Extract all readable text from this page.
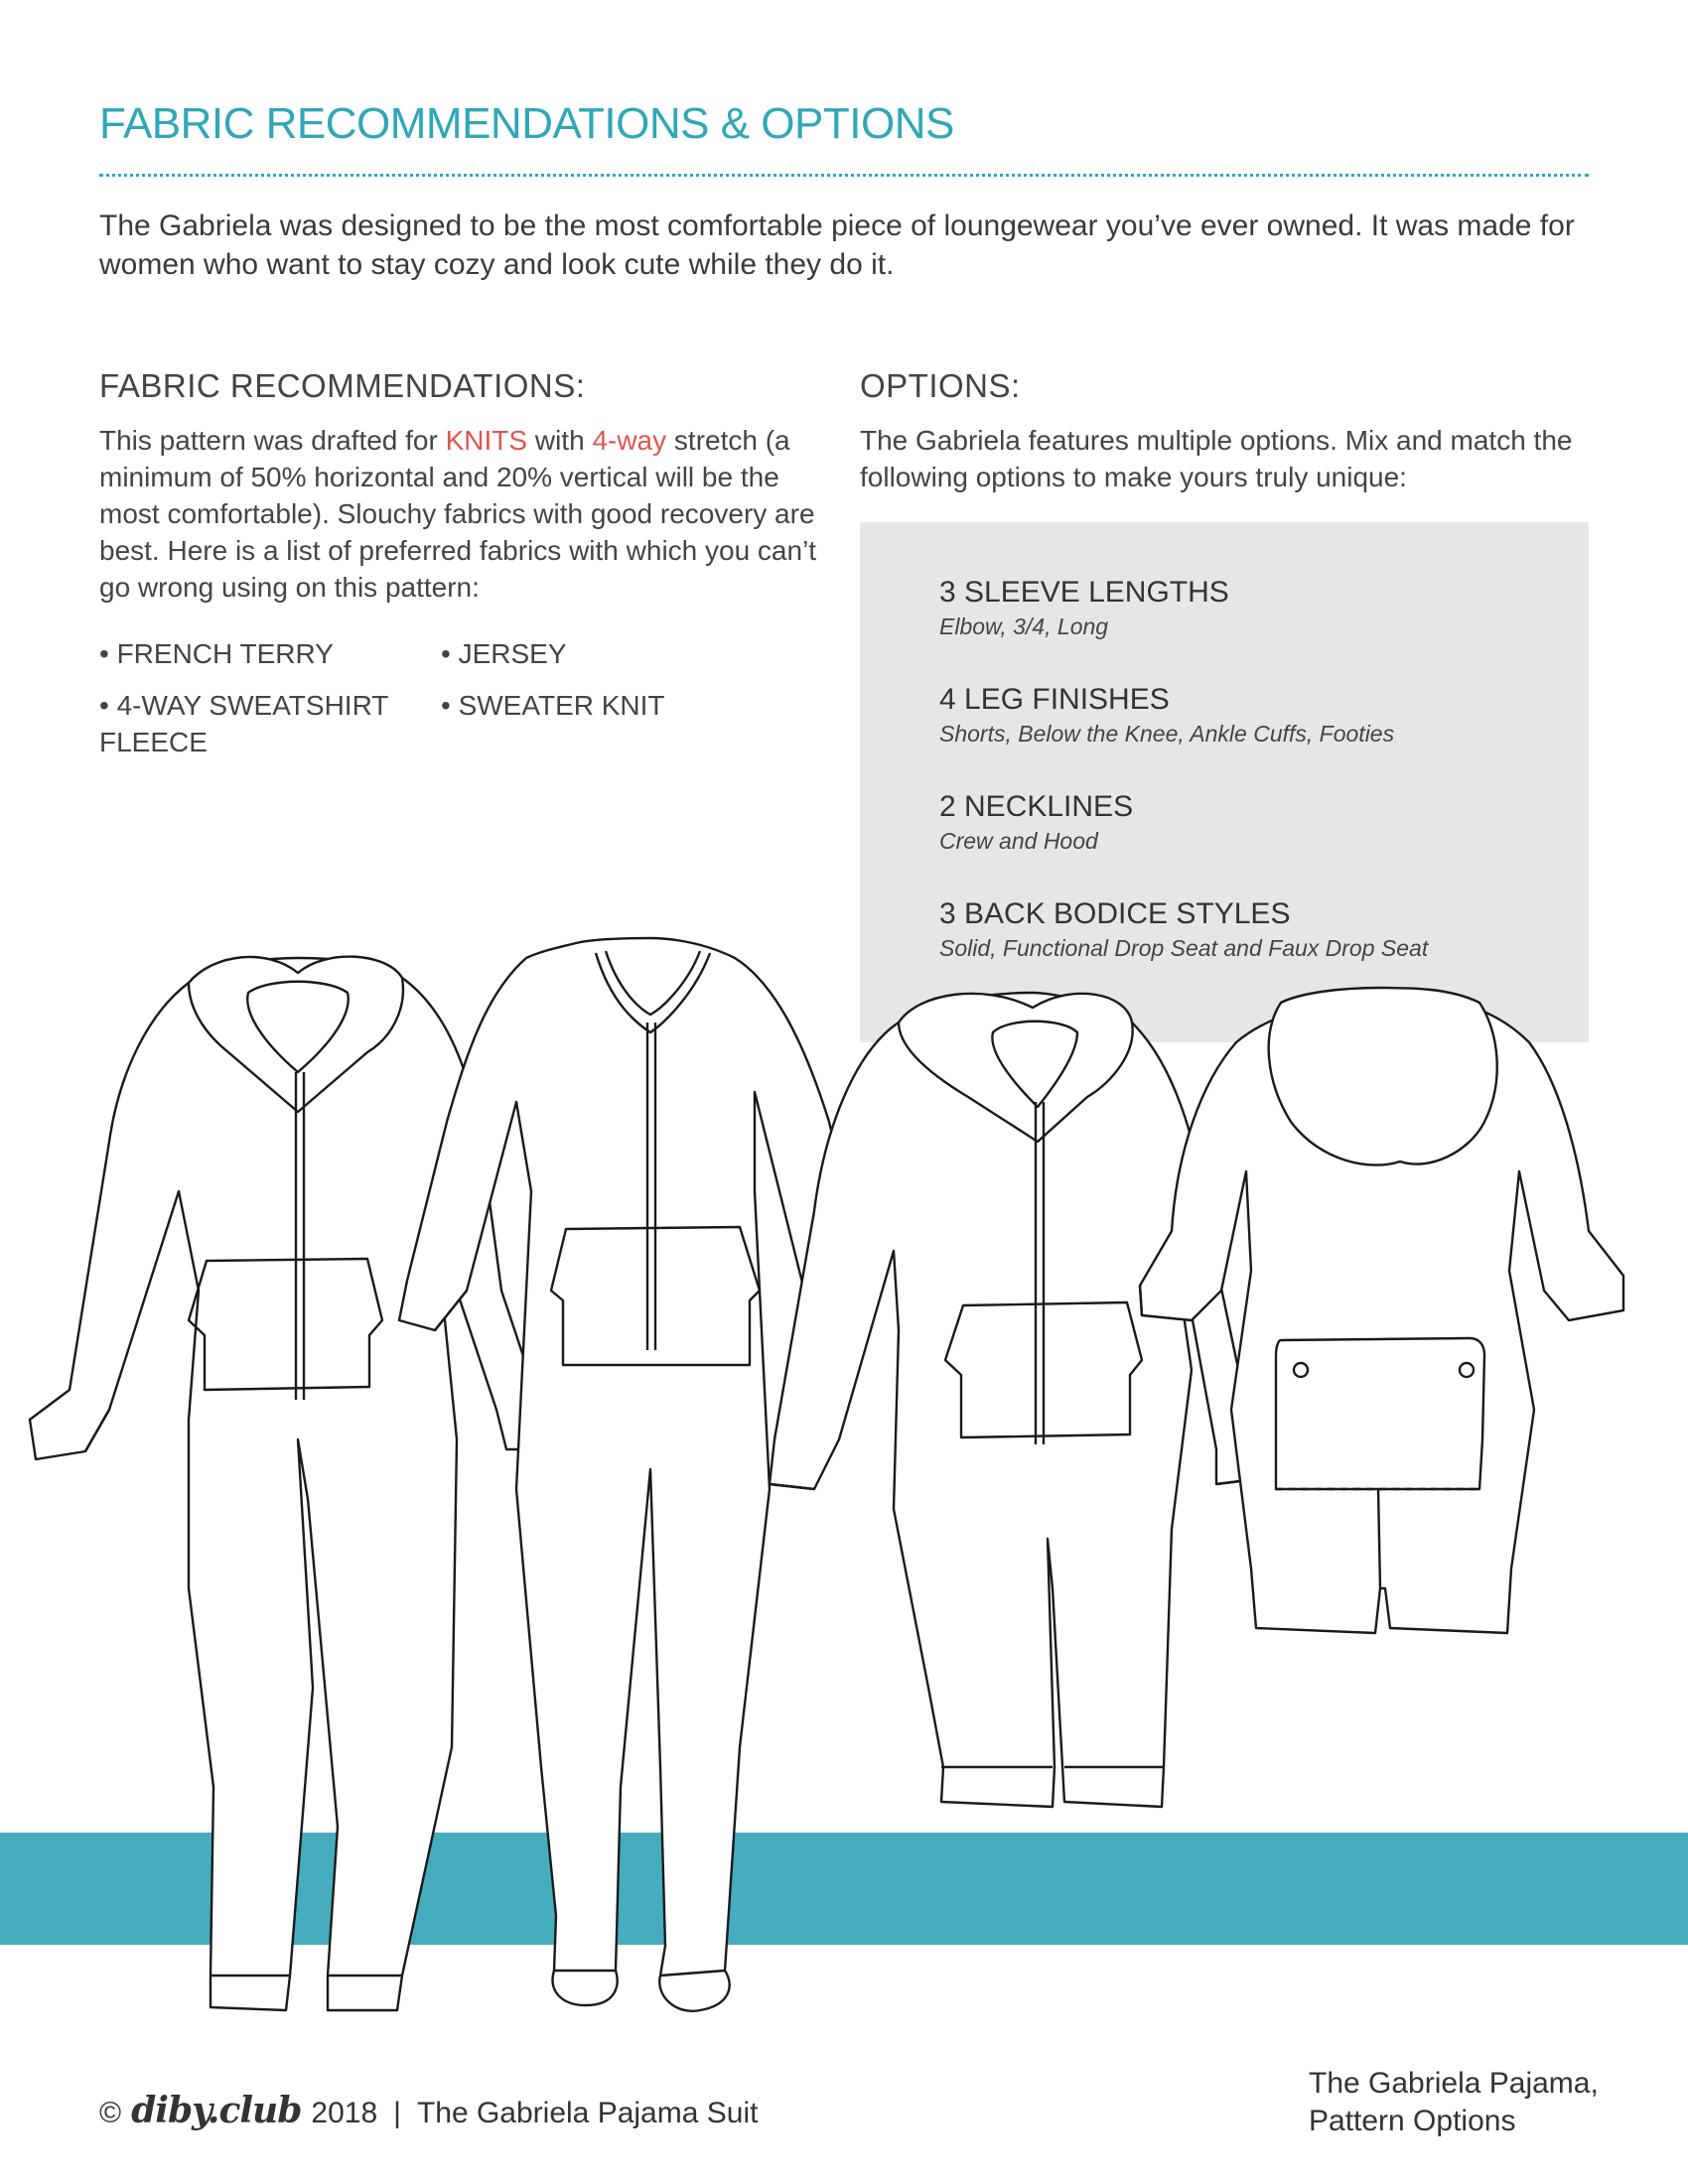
FABRIC RECOMMENDATIONS & OPTIONS
The Gabriela was designed to be the most comfortable piece of loungewear you’ve ever owned. It was made for women who want to stay cozy and look cute while they do it.
FABRIC RECOMMENDATIONS:
This pattern was drafted for KNITS with 4-way stretch (a minimum of 50% horizontal and 20% vertical will be the most comfortable). Slouchy fabrics with good recovery are best. Here is a list of preferred fabrics with which you can’t go wrong using on this pattern:
• FRENCH TERRY	• JERSEY
• 4-WAY SWEATSHIRT FLEECE
• SWEATER KNIT
OPTIONS:
The Gabriela features multiple options. Mix and match the following options to make yours truly unique:
3 SLEEVE LENGTHS
Elbow, 3/4, Long
4 LEG FINISHES
Shorts, Below the Knee, Ankle Cuffs, Footies
2 NECKLINES
Crew and Hood
3 BACK BODICE STYLES
Solid, Functional Drop Seat and Faux Drop Seat
© diby.club 2018 | The Gabriela Pajama Suit
The Gabriela Pajama,
Pattern Options
